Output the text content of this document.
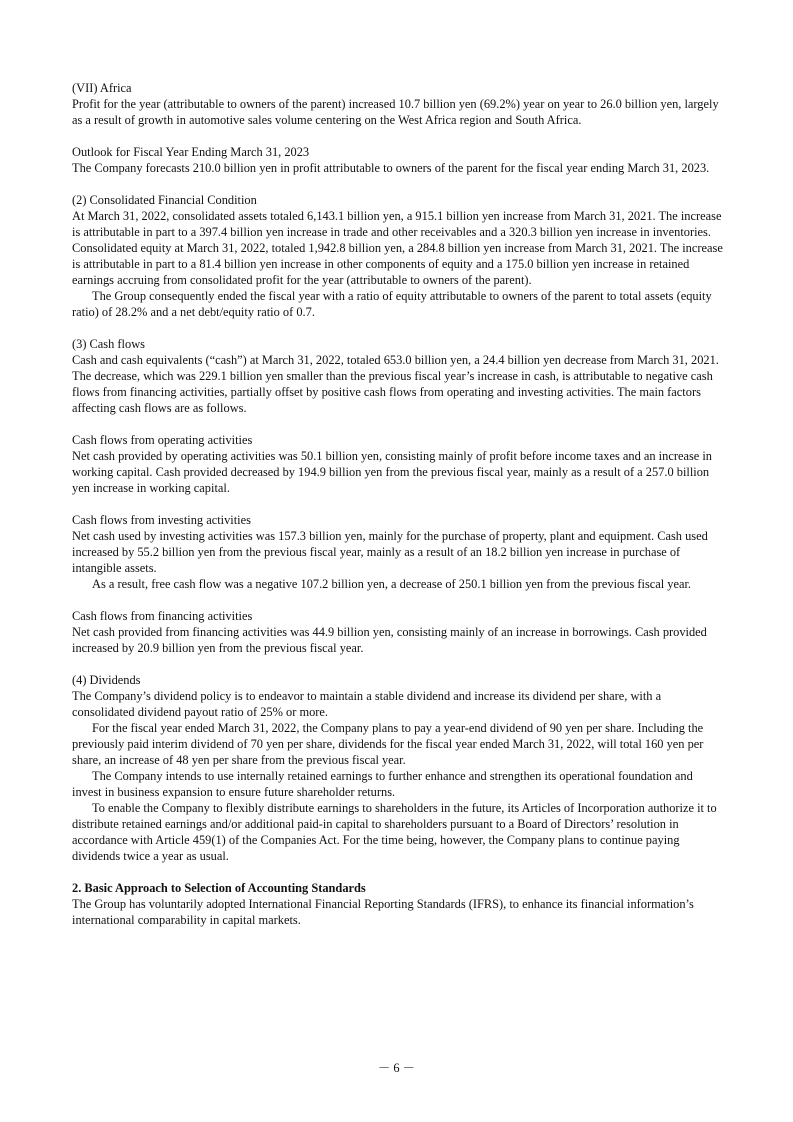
(VII) Africa

Profit for the year (attributable to owners of the parent) increased 10.7 billion yen (69.2%) year on year to 26.0 billion yen, largely as a result of growth in automotive sales volume centering on the West Africa region and South Africa.

Outlook for Fiscal Year Ending March 31, 2023

The Company forecasts 210.0 billion yen in profit attributable to owners of the parent for the fiscal year ending March 31, 2023.

(2) Consolidated Financial Condition

At March 31, 2022, consolidated assets totaled 6,143.1 billion yen, a 915.1 billion yen increase from March 31, 2021. The increase is attributable in part to a 397.4 billion yen increase in trade and other receivables and a 320.3 billion yen increase in inventories. Consolidated equity at March 31, 2022, totaled 1,942.8 billion yen, a 284.8 billion yen increase from March 31, 2021. The increase is attributable in part to a 81.4 billion yen increase in other components of equity and a 175.0 billion yen increase in retained earnings accruing from consolidated profit for the year (attributable to owners of the parent).

The Group consequently ended the fiscal year with a ratio of equity attributable to owners of the parent to total assets (equity ratio) of 28.2% and a net debt/equity ratio of 0.7.

(3) Cash flows

Cash and cash equivalents (“cash”) at March 31, 2022, totaled 653.0 billion yen, a 24.4 billion yen decrease from March 31, 2021. The decrease, which was 229.1 billion yen smaller than the previous fiscal year’s increase in cash, is attributable to negative cash flows from financing activities, partially offset by positive cash flows from operating and investing activities. The main factors affecting cash flows are as follows.

Cash flows from operating activities

Net cash provided by operating activities was 50.1 billion yen, consisting mainly of profit before income taxes and an increase in working capital. Cash provided decreased by 194.9 billion yen from the previous fiscal year, mainly as a result of a 257.0 billion yen increase in working capital.

Cash flows from investing activities

Net cash used by investing activities was 157.3 billion yen, mainly for the purchase of property, plant and equipment. Cash used increased by 55.2 billion yen from the previous fiscal year, mainly as a result of an 18.2 billion yen increase in purchase of intangible assets.

As a result, free cash flow was a negative 107.2 billion yen, a decrease of 250.1 billion yen from the previous fiscal year.

Cash flows from financing activities

Net cash provided from financing activities was 44.9 billion yen, consisting mainly of an increase in borrowings. Cash provided increased by 20.9 billion yen from the previous fiscal year.

(4) Dividends

The Company’s dividend policy is to endeavor to maintain a stable dividend and increase its dividend per share, with a consolidated dividend payout ratio of 25% or more.

For the fiscal year ended March 31, 2022, the Company plans to pay a year-end dividend of 90 yen per share. Including the previously paid interim dividend of 70 yen per share, dividends for the fiscal year ended March 31, 2022, will total 160 yen per share, an increase of 48 yen per share from the previous fiscal year.

The Company intends to use internally retained earnings to further enhance and strengthen its operational foundation and invest in business expansion to ensure future shareholder returns.

To enable the Company to flexibly distribute earnings to shareholders in the future, its Articles of Incorporation authorize it to distribute retained earnings and/or additional paid-in capital to shareholders pursuant to a Board of Directors’ resolution in accordance with Article 459(1) of the Companies Act. For the time being, however, the Company plans to continue paying dividends twice a year as usual.

2. Basic Approach to Selection of Accounting Standards

The Group has voluntarily adopted International Financial Reporting Standards (IFRS), to enhance its financial information’s international comparability in capital markets.

－ 6 －
